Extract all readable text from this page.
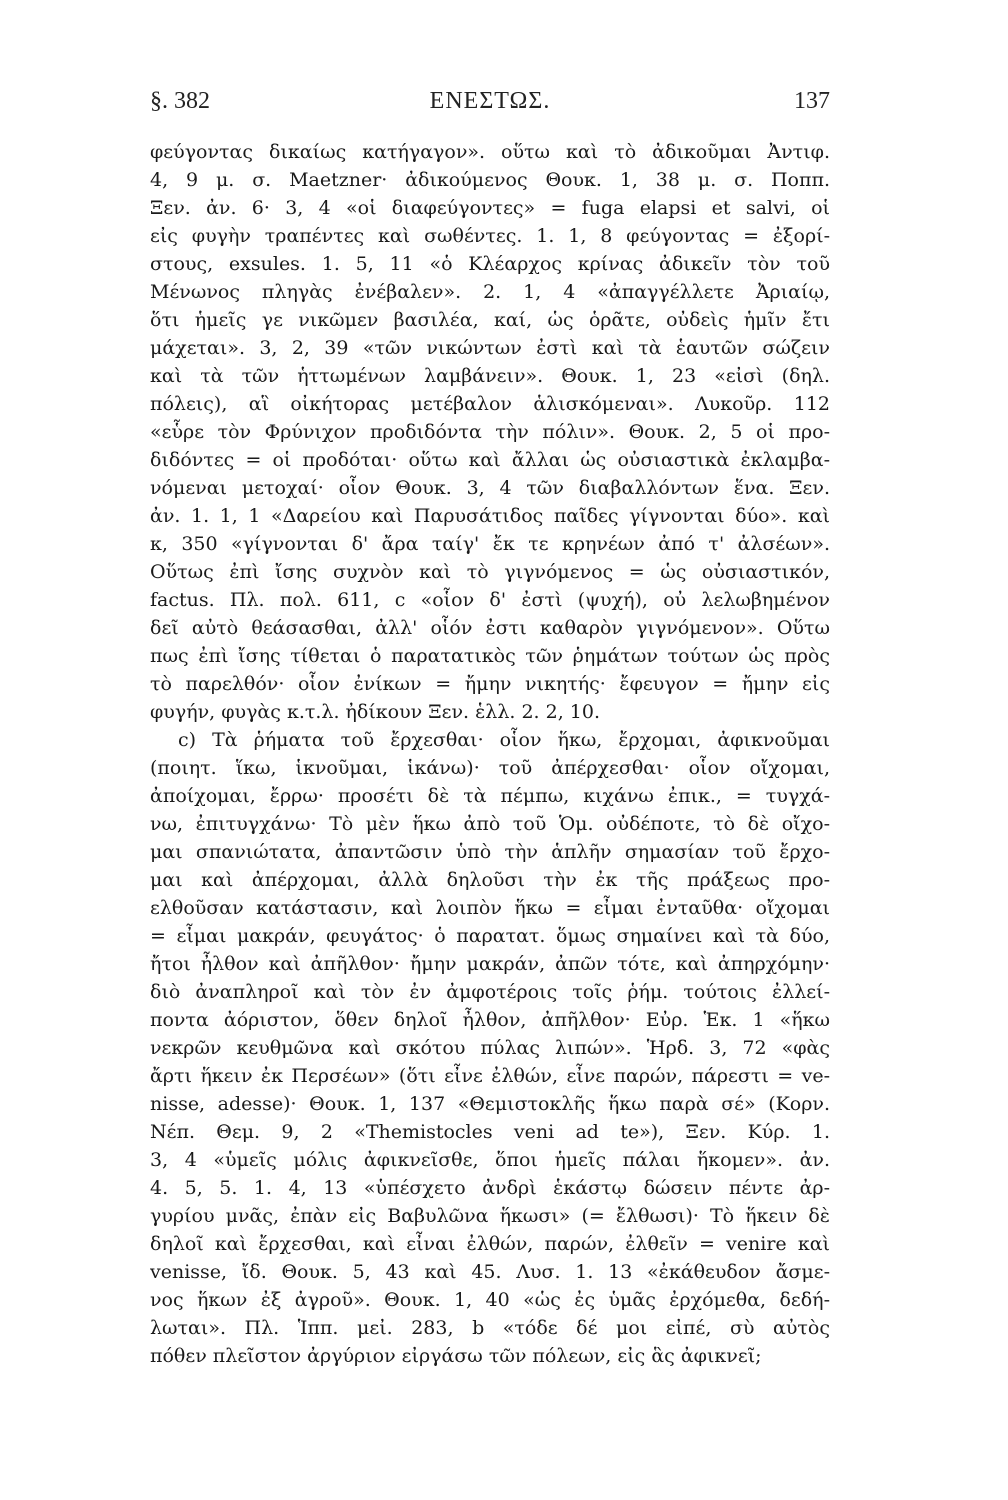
§. 382	ΕΝΕΣΤΩΣ.	137
φεύγοντας δικαίως κατήγαγον». οὕτω καὶ τὸ ἀδικοῦμαι Ἀντιφ.
4, 9 μ. σ. Maetzner· ἀδικούμενος Θουκ. 1, 38 μ. σ. Ποππ.
Ξεν. ἀν. 6· 3, 4 «οἱ διαφεύγοντες» = fuga elapsi et salvi, οἱ
εἰς φυγὴν τραπέντες καὶ σωθέντες. 1. 1, 8 φεύγοντας = ἐξορί-
στους, exsules. 1. 5, 11 «ὁ Κλέαρχος κρίνας ἀδικεῖν τὸν τοῦ
Μένωνος πληγὰς ἐνέβαλεν». 2. 1, 4 «ἀπαγγέλλετε Ἀριαίῳ,
ὅτι ἡμεῖς γε νικῶμεν βασιλέα, καί, ὡς ὁρᾶτε, οὐδεὶς ἡμῖν ἔτι
μάχεται». 3, 2, 39 «τῶν νικώντων ἐστὶ καὶ τὰ ἑαυτῶν σώζειν
καὶ τὰ τῶν ἡττωμένων λαμβάνειν». Θουκ. 1, 23 «εἰσὶ (δηλ.
πόλεις), αἳ οἰκήτορας μετέβαλον ἁλισκόμεναι». Λυκοῦρ. 112
«εὗρε τὸν Φρύνιχον προδιδόντα τὴν πόλιν». Θουκ. 2, 5 οἱ προ-
διδόντες = οἱ προδόται· οὕτω καὶ ἄλλαι ὡς οὐσιαστικὰ ἐκλαμβα-
νόμεναι μετοχαί· οἷον Θουκ. 3, 4 τῶν διαβαλλόντων ἕνα. Ξεν.
ἀν. 1. 1, 1 «Δαρείου καὶ Παρυσάτιδος παῖδες γίγνονται δύο». καὶ
κ, 350 «γίγνονται δ' ἄρα ταίγ' ἔκ τε κρηνέων ἀπό τ' ἀλσέων».
Οὕτως ἐπὶ ἴσης συχνὸν καὶ τὸ γιγνόμενος = ὡς οὐσιαστικόν,
factus. Πλ. πολ. 611, c «οἷον δ' ἐστὶ (ψυχή), οὐ λελωβημένον
δεῖ αὐτὸ θεάσασθαι, ἀλλ' οἷόν ἐστι καθαρὸν γιγνόμενον». Οὕτω
πως ἐπὶ ἴσης τίθεται ὁ παρατατικὸς τῶν ῥημάτων τούτων ὡς πρὸς
τὸ παρελθόν· οἷον ἐνίκων = ἤμην νικητής· ἔφευγον = ἤμην εἰς
φυγήν, φυγὰς κ.τ.λ. ἠδίκουν Ξεν. ἑλλ. 2. 2, 10.
c) Τὰ ῥήματα τοῦ ἔρχεσθαι· οἷον ἥκω, ἔρχομαι, ἀφικνοῦμαι
(ποιητ. ἵκω, ἱκνοῦμαι, ἱκάνω)· τοῦ ἀπέρχεσθαι· οἷον οἴχομαι,
ἀποίχομαι, ἔρρω· προσέτι δὲ τὰ πέμπω, κιχάνω ἐπικ., = τυγχά-
νω, ἐπιτυγχάνω· Τὸ μὲν ἥκω ἀπὸ τοῦ Ὁμ. οὐδέποτε, τὸ δὲ οἴχο-
μαι σπανιώτατα, ἀπαντῶσιν ὑπὸ τὴν ἁπλῆν σημασίαν τοῦ ἔρχο-
μαι καὶ ἀπέρχομαι, ἀλλὰ δηλοῦσι τὴν ἐκ τῆς πράξεως προ-
ελθοῦσαν κατάστασιν, καὶ λοιπὸν ἥκω = εἶμαι ἐνταῦθα· οἴχομαι
= εἶμαι μακράν, φευγάτος· ὁ παρατατ. ὅμως σημαίνει καὶ τὰ δύο,
ἤτοι ἦλθον καὶ ἀπῆλθον· ἤμην μακράν, ἀπῶν τότε, καὶ ἀπηρχόμην·
διὸ ἀναπληροῖ καὶ τὸν ἐν ἀμφοτέροις τοῖς ῥήμ. τούτοις ἐλλεί-
ποντα ἀόριστον, ὅθεν δηλοῖ ἦλθον, ἀπῆλθον· Εὐρ. Ἑκ. 1 «ἥκω
νεκρῶν κευθμῶνα καὶ σκότου πύλας λιπών». Ἡρδ. 3, 72 «φὰς
ἄρτι ἥκειν ἐκ Περσέων» (ὅτι εἶνε ἐλθών, εἶνε παρών, πάρεστι = ve-
nisse, adesse)· Θουκ. 1, 137 «Θεμιστοκλῆς ἥκω παρὰ σέ» (Κορν.
Νέπ. Θεμ. 9, 2 «Themistocles veni ad te»), Ξεν. Κύρ. 1.
3, 4 «ὑμεῖς μόλις ἀφικνεῖσθε, ὅποι ἡμεῖς πάλαι ἥκομεν». ἀν.
4. 5, 5. 1. 4, 13 «ὑπέσχετο ἀνδρὶ ἑκάστῳ δώσειν πέντε ἀρ-
γυρίου μνᾶς, ἐπὰν εἰς Βαβυλῶνα ἥκωσι» (= ἔλθωσι)· Τὸ ἥκειν δὲ
δηλοῖ καὶ ἔρχεσθαι, καὶ εἶναι ἐλθών, παρών, ἐλθεῖν = venire καὶ
venisse, ἴδ. Θουκ. 5, 43 καὶ 45. Λυσ. 1. 13 «ἐκάθευδον ἄσμε-
νος ἥκων ἐξ ἀγροῦ». Θουκ. 1, 40 «ὡς ἐς ὑμᾶς ἐρχόμεθα, δεδή-
λωται». Πλ. Ἱππ. μεἰ. 283, b «τόδε δέ μοι εἰπέ, σὺ αὐτὸς
πόθεν πλεῖστον ἀργύριον εἰργάσω τῶν πόλεων, εἰς ἃς ἀφικνεῖ;
